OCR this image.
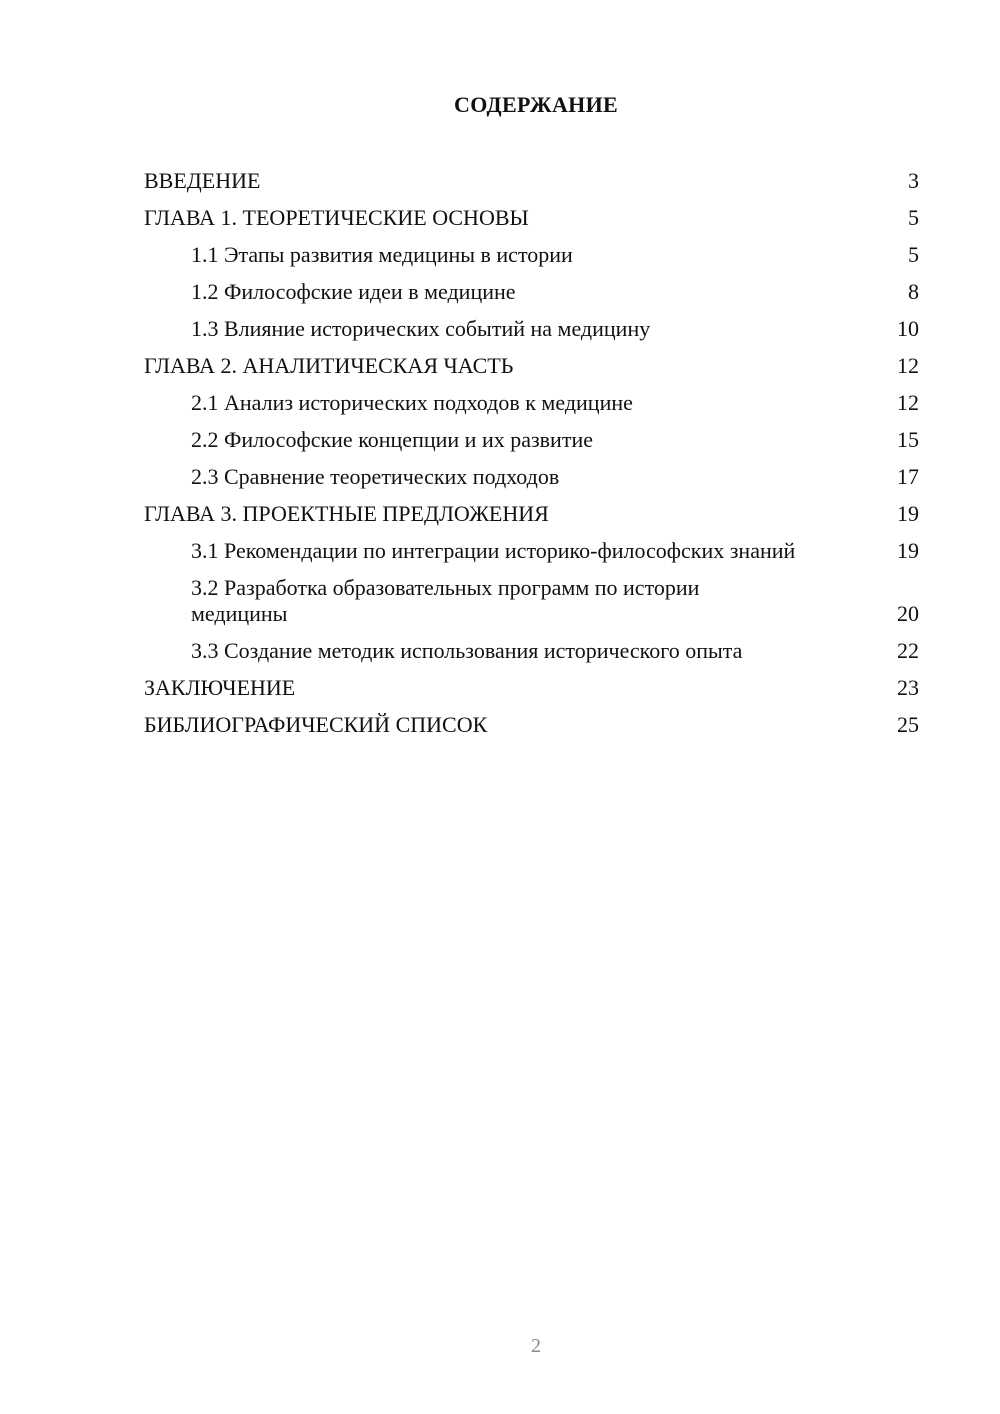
СОДЕРЖАНИЕ
ВВЕДЕНИЕ	3
ГЛАВА 1. ТЕОРЕТИЧЕСКИЕ ОСНОВЫ	5
1.1 Этапы развития медицины в истории	5
1.2 Философские идеи в медицине	8
1.3 Влияние исторических событий на медицину	10
ГЛАВА 2. АНАЛИТИЧЕСКАЯ ЧАСТЬ	12
2.1 Анализ исторических подходов к медицине	12
2.2 Философские концепции и их развитие	15
2.3 Сравнение теоретических подходов	17
ГЛАВА 3. ПРОЕКТНЫЕ ПРЕДЛОЖЕНИЯ	19
3.1 Рекомендации по интеграции историко-философских знаний	19
3.2 Разработка образовательных программ по истории медицины	20
3.3 Создание методик использования исторического опыта	22
ЗАКЛЮЧЕНИЕ	23
БИБЛИОГРАФИЧЕСКИЙ СПИСОК	25
2
